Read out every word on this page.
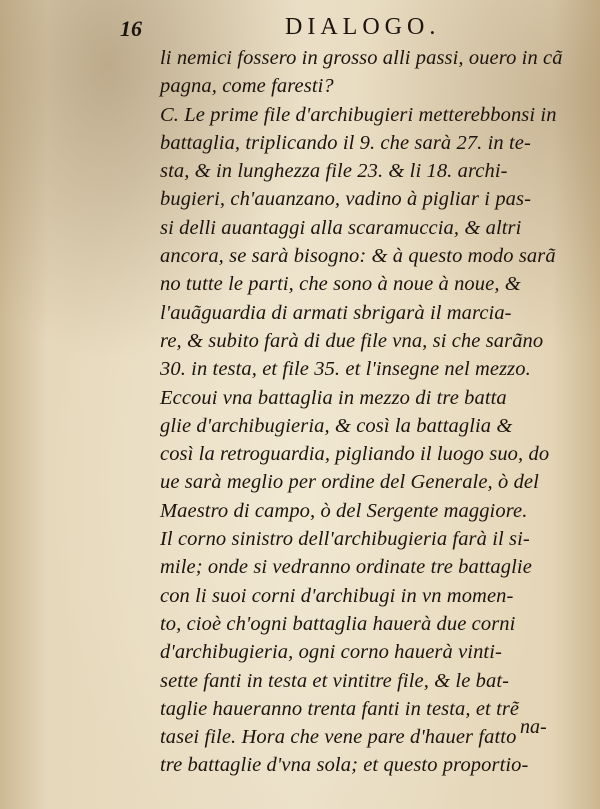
16	DIALOGO.
li nemici fossero in grosso alli passi, ouero in cã
pagna, come faresti?
C. Le prime file d'archibugieri metterebbonsi in
battaglia, triplicando il 9. che sarà 27. in te-
sta, & in lunghezza file 23. & li 18. archi-
bugieri, ch'auanzano, vadino à pigliar i pas-
si delli auantaggi alla scaramuccia, & altri
ancora, se sarà bisogno: & à questo modo sarã
no tutte le parti, che sono à noue à noue, &
l'auãguardia di armati sbrigarà il marcia-
re, & subito farà di due file vna, si che sarãno
30. in testa, et file 35. et l'insegne nel mezzo.
Eccoui vna battaglia in mezzo di tre batta
glie d'archibugieria, & così la battaglia &
così la retroguardia, pigliando il luogo suo, do
ue sarà meglio per ordine del Generale, ò del
Maestro di campo, ò del Sergente maggiore.
Il corno sinistro dell'archibugieria farà il si-
mile; onde si vedranno ordinate tre battaglie
con li suoi corni d'archibugi in vn momen-
to, cioè ch'ogni battaglia hauerà due corni
d'archibugieria, ogni corno hauerà vinti-
sette fanti in testa et vintitre file, & le bat-
taglie haueranno trenta fanti in testa, et trẽ
tasei file. Hora che vene pare d'hauer fatto
tre battaglie d'vna sola; et questo proportio-
na-
